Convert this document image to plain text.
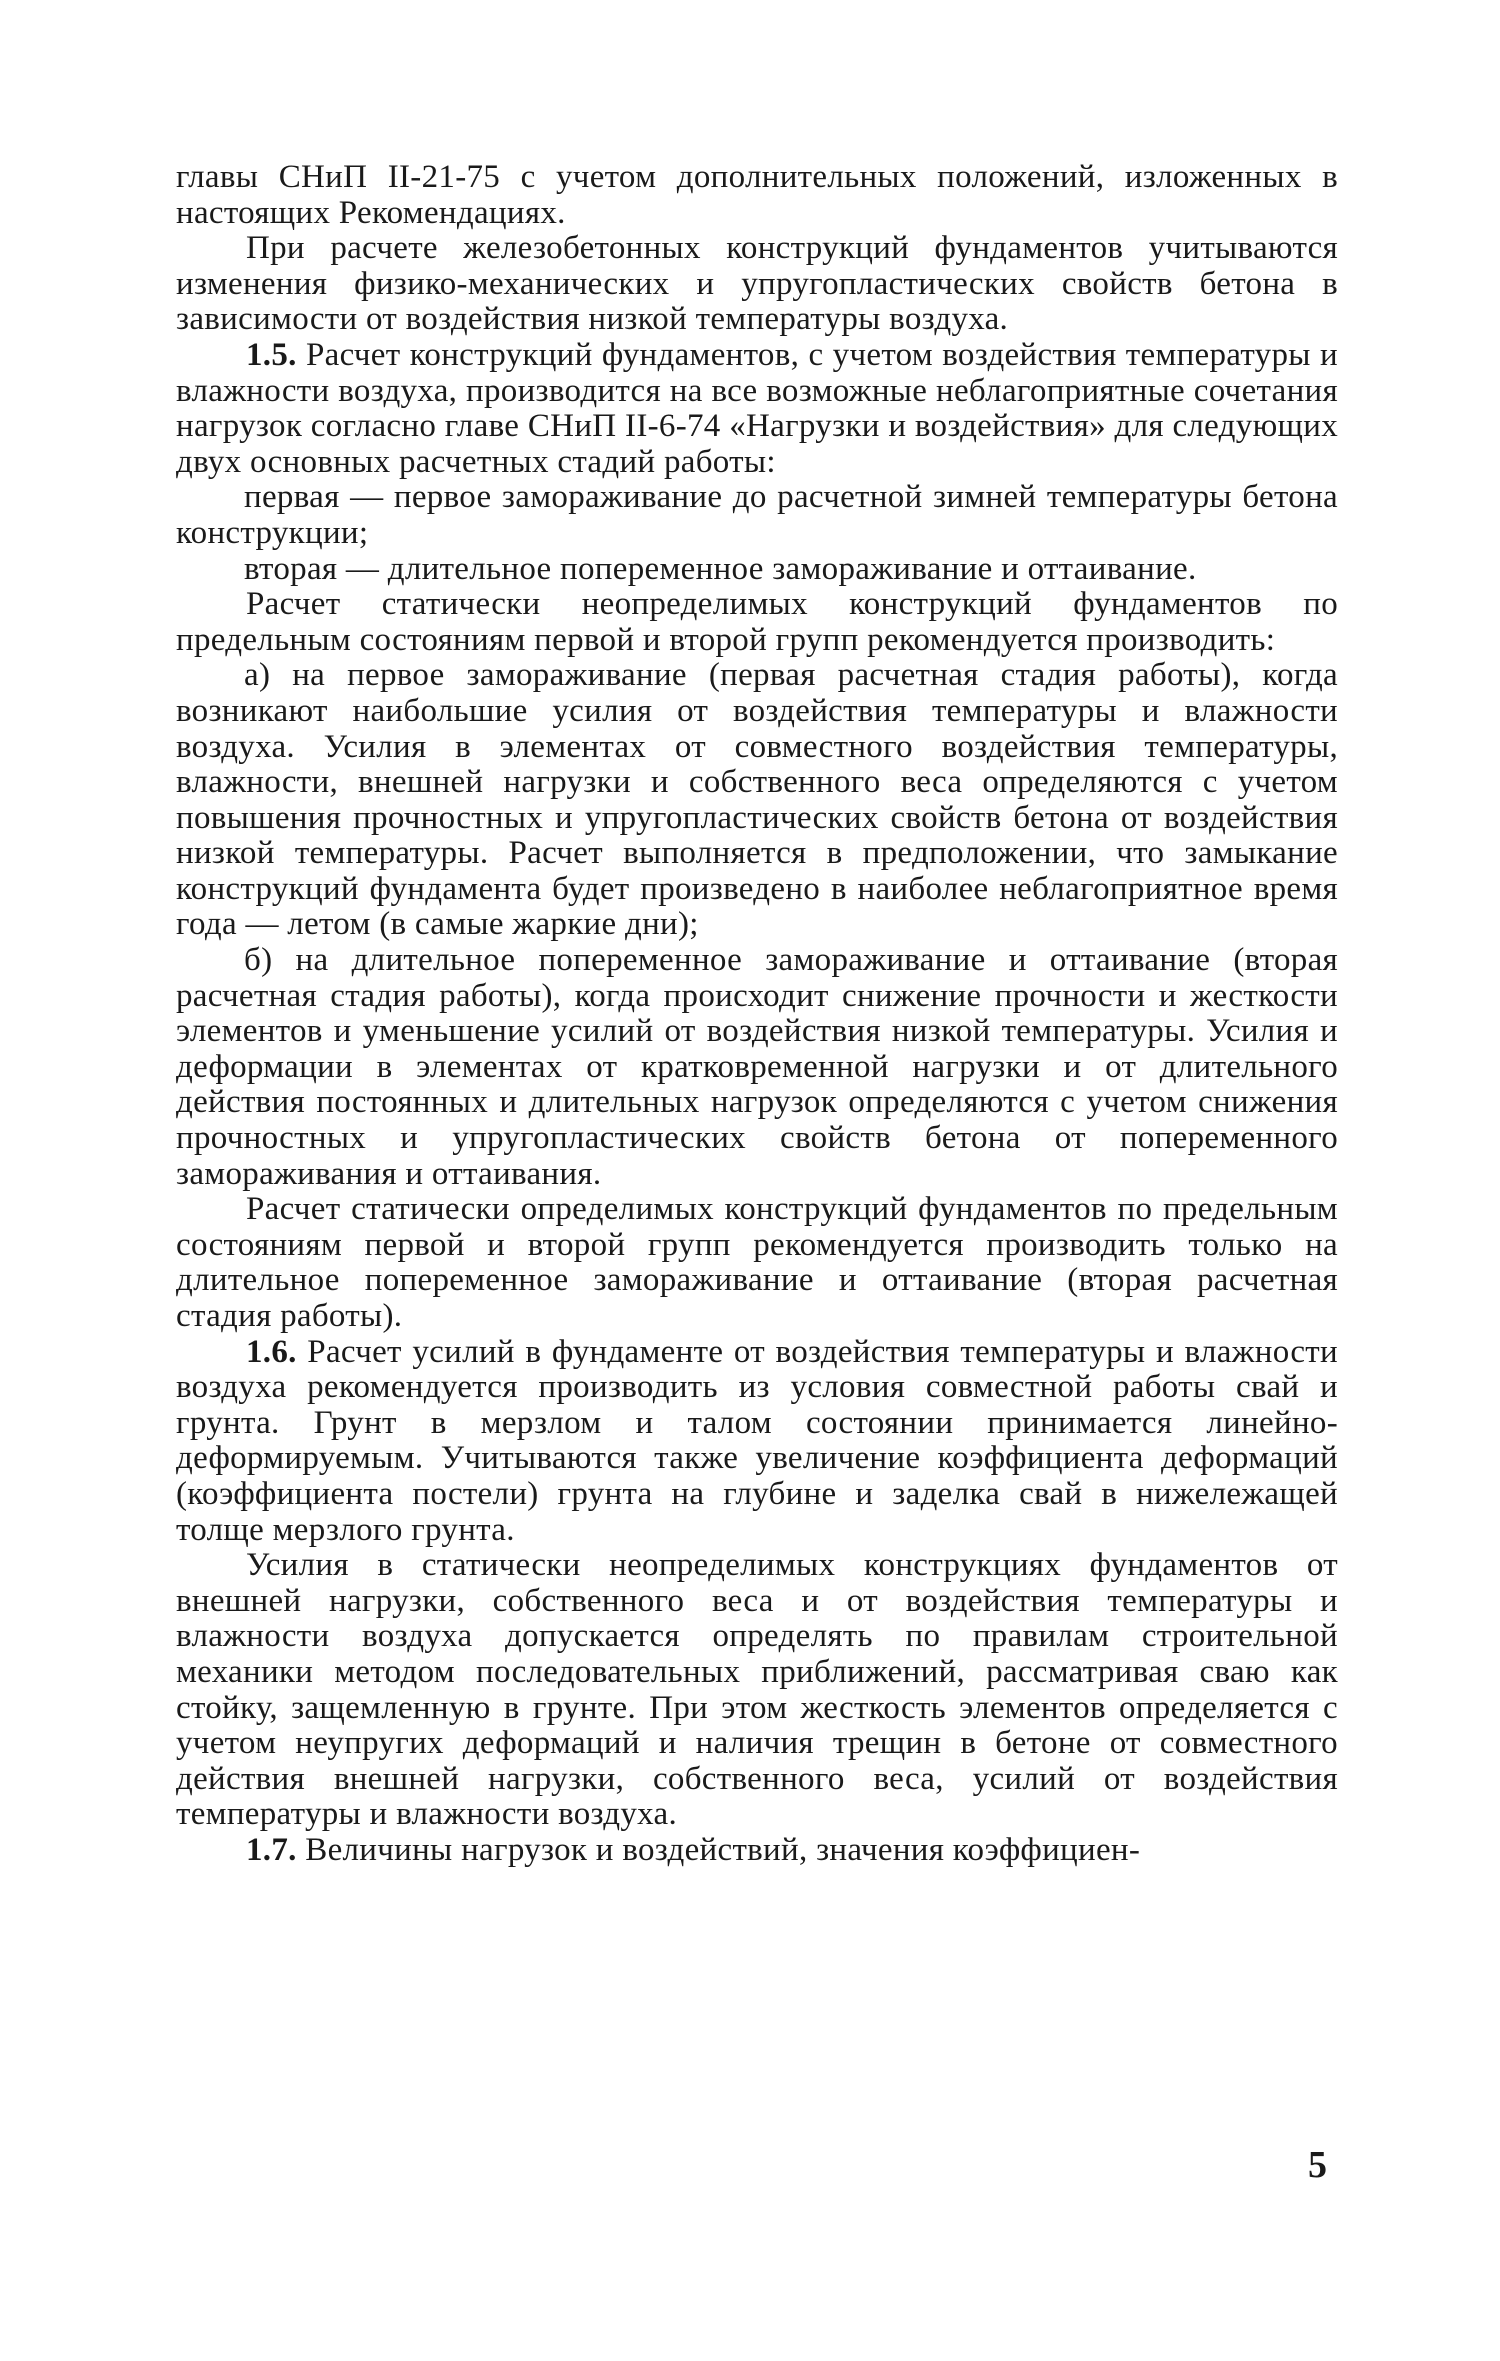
главы СНиП II-21-75 с учетом дополнительных положений, изложенных в настоящих Рекомендациях.

При расчете железобетонных конструкций фундаментов учитываются изменения физико-механических и упругопластических свойств бетона в зависимости от воздействия низкой температуры воздуха.

1.5. Расчет конструкций фундаментов, с учетом воздействия температуры и влажности воздуха, производится на все возможные неблагоприятные сочетания нагрузок согласно главе СНиП II-6-74 «Нагрузки и воздействия» для следующих двух основных расчетных стадий работы:

первая — первое замораживание до расчетной зимней температуры бетона конструкции;

вторая — длительное попеременное замораживание и оттаивание.

Расчет статически неопределимых конструкций фундаментов по предельным состояниям первой и второй групп рекомендуется производить:

а) на первое замораживание (первая расчетная стадия работы), когда возникают наибольшие усилия от воздействия температуры и влажности воздуха. Усилия в элементах от совместного воздействия температуры, влажности, внешней нагрузки и собственного веса определяются с учетом повышения прочностных и упругопластических свойств бетона от воздействия низкой температуры. Расчет выполняется в предположении, что замыкание конструкций фундамента будет произведено в наиболее неблагоприятное время года — летом (в самые жаркие дни);

б) на длительное попеременное замораживание и оттаивание (вторая расчетная стадия работы), когда происходит снижение прочности и жесткости элементов и уменьшение усилий от воздействия низкой температуры. Усилия и деформации в элементах от кратковременной нагрузки и от длительного действия постоянных и длительных нагрузок определяются с учетом снижения прочностных и упругопластических свойств бетона от попеременного замораживания и оттаивания.

Расчет статически определимых конструкций фундаментов по предельным состояниям первой и второй групп рекомендуется производить только на длительное попеременное замораживание и оттаивание (вторая расчетная стадия работы).

1.6. Расчет усилий в фундаменте от воздействия температуры и влажности воздуха рекомендуется производить из условия совместной работы свай и грунта. Грунт в мерзлом и талом состоянии принимается линейно-деформируемым. Учитываются также увеличение коэффициента деформаций (коэффициента постели) грунта на глубине и заделка свай в нижележащей толще мерзлого грунта.

Усилия в статически неопределимых конструкциях фундаментов от внешней нагрузки, собственного веса и от воздействия температуры и влажности воздуха допускается определять по правилам строительной механики методом последовательных приближений, рассматривая сваю как стойку, защемленную в грунте. При этом жесткость элементов определяется с учетом неупругих деформаций и наличия трещин в бетоне от совместного действия внешней нагрузки, собственного веса, усилий от воздействия температуры и влажности воздуха.

1.7. Величины нагрузок и воздействий, значения коэффициен-

5
